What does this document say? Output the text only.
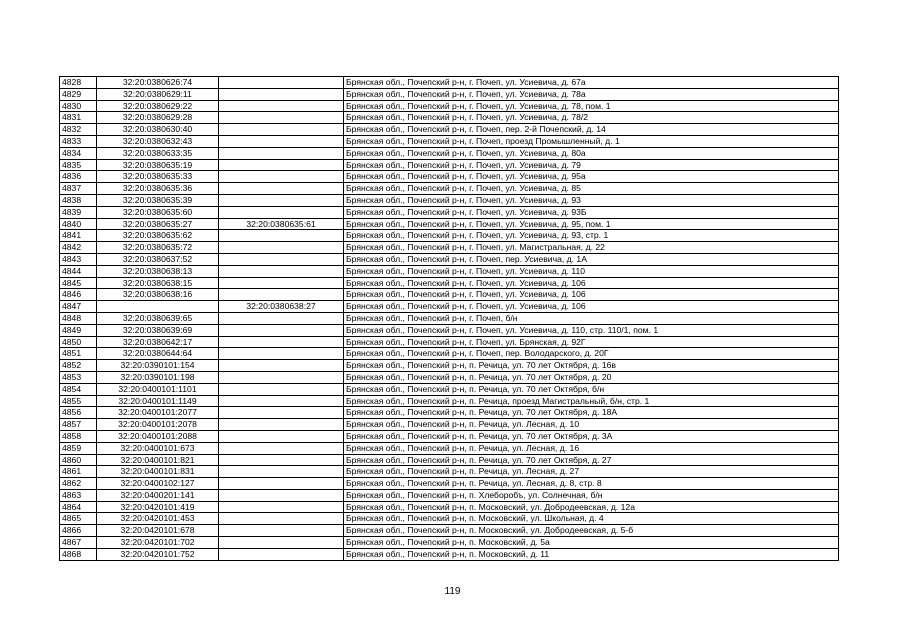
4828	32:20:0380626:74		Брянская обл., Почепский р-н, г. Почеп, ул. Усиевича, д. 67а
4829	32:20:0380629:11		Брянская обл., Почепский р-н, г. Почеп, ул. Усиевича, д. 78а
4830	32:20:0380629:22		Брянская обл., Почепский р-н, г. Почеп, ул. Усиевича, д. 78, пом. 1
4831	32:20:0380629:28		Брянская обл., Почепский р-н, г. Почеп, ул. Усиевича, д. 78/2
4832	32:20:0380630:40		Брянская обл., Почепский р-н, г. Почеп, пер. 2-й Почепский, д. 14
4833	32:20:0380632:43		Брянская обл., Почепский р-н, г. Почеп, проезд Промышленный, д. 1
4834	32:20:0380633:35		Брянская обл., Почепский р-н, г. Почеп, ул. Усиевича, д. 80а
4835	32:20:0380635:19		Брянская обл., Почепский р-н, г. Почеп, ул. Усиевича, д. 79
4836	32:20:0380635:33		Брянская обл., Почепский р-н, г. Почеп, ул. Усиевича, д. 95а
4837	32:20:0380635:36		Брянская обл., Почепский р-н, г. Почеп, ул. Усиевича, д. 85
4838	32:20:0380635:39		Брянская обл., Почепский р-н, г. Почеп, ул. Усиевича, д. 93
4839	32:20:0380635:60		Брянская обл., Почепский р-н, г. Почеп, ул. Усиевича, д. 93Б
4840	32:20:0380635:27	32:20:0380635:61	Брянская обл., Почепский р-н, г. Почеп, ул. Усиевича, д. 95, пом. 1
4841	32:20:0380635:62		Брянская обл., Почепский р-н, г. Почеп, ул. Усиевича, д. 93, стр. 1
4842	32:20:0380635:72		Брянская обл., Почепский р-н, г. Почеп, ул. Магистральная, д. 22
4843	32:20:0380637:52		Брянская обл., Почепский р-н, г. Почеп, пер. Усиевича, д. 1А
4844	32:20:0380638:13		Брянская обл., Почепский р-н, г. Почеп, ул. Усиевича, д. 110
4845	32:20:0380638:15		Брянская обл., Почепский р-н, г. Почеп, ул. Усиевича, д. 106
4846	32:20:0380638:16		Брянская обл., Почепский р-н, г. Почеп, ул. Усиевича, д. 106
4847		32:20:0380638:27	Брянская обл., Почепский р-н, г. Почеп, ул. Усиевича, д. 106
4848	32:20:0380639:65		Брянская обл., Почепский р-н, г. Почеп, б/н
4849	32:20:0380639:69		Брянская обл., Почепский р-н, г. Почеп, ул. Усиевича, д. 110, стр. 110/1, пом. 1
4850	32:20:0380642:17		Брянская обл., Почепский р-н, г. Почеп, ул. Брянская, д. 92Г
4851	32:20:0380644:64		Брянская обл., Почепский р-н, г. Почеп, пер. Володарского, д. 20Г
4852	32:20:0390101:154		Брянская обл., Почепский р-н, п. Речица, ул. 70 лет Октября, д. 16в
4853	32:20:0390101:198		Брянская обл., Почепский р-н, п. Речица, ул. 70 лет Октября, д. 20
4854	32:20:0400101:1101		Брянская обл., Почепский р-н, п. Речица, ул. 70 лет Октября, б/н
4855	32:20:0400101:1149		Брянская обл., Почепский р-н, п. Речица, проезд Магистральный, б/н, стр. 1
4856	32:20:0400101:2077		Брянская обл., Почепский р-н, п. Речица, ул. 70 лет Октября, д. 18А
4857	32:20:0400101:2078		Брянская обл., Почепский р-н, п. Речица, ул. Лесная, д. 10
4858	32:20:0400101:2088		Брянская обл., Почепский р-н, п. Речица, ул. 70 лет Октября, д. 3А
4859	32:20:0400101:673		Брянская обл., Почепский р-н, п. Речица, ул. Лесная, д. 16
4860	32:20:0400101:821		Брянская обл., Почепский р-н, п. Речица, ул. 70 лет Октября, д. 27
4861	32:20:0400101:831		Брянская обл., Почепский р-н, п. Речица, ул. Лесная, д. 27
4862	32:20:0400102:127		Брянская обл., Почепский р-н, п. Речица, ул. Лесная, д. 8, стр. 8
4863	32:20:0400201:141		Брянская обл., Почепский р-н, п. Хлеборобъ, ул. Солнечная, б/н
4864	32:20:0420101:419		Брянская обл., Почепский р-н, п. Московский, ул. Добродеевская, д. 12а
4865	32:20:0420101:453		Брянская обл., Почепский р-н, п. Московский, ул. Школьная, д. 4
4866	32:20:0420101:678		Брянская обл., Почепский р-н, п. Московский, ул. Добродеевская, д. 5-б
4867	32:20:0420101:702		Брянская обл., Почепский р-н, п. Московский, д. 5а
4868	32:20:0420101:752		Брянская обл., Почепский р-н, п. Московский, д. 11
119
